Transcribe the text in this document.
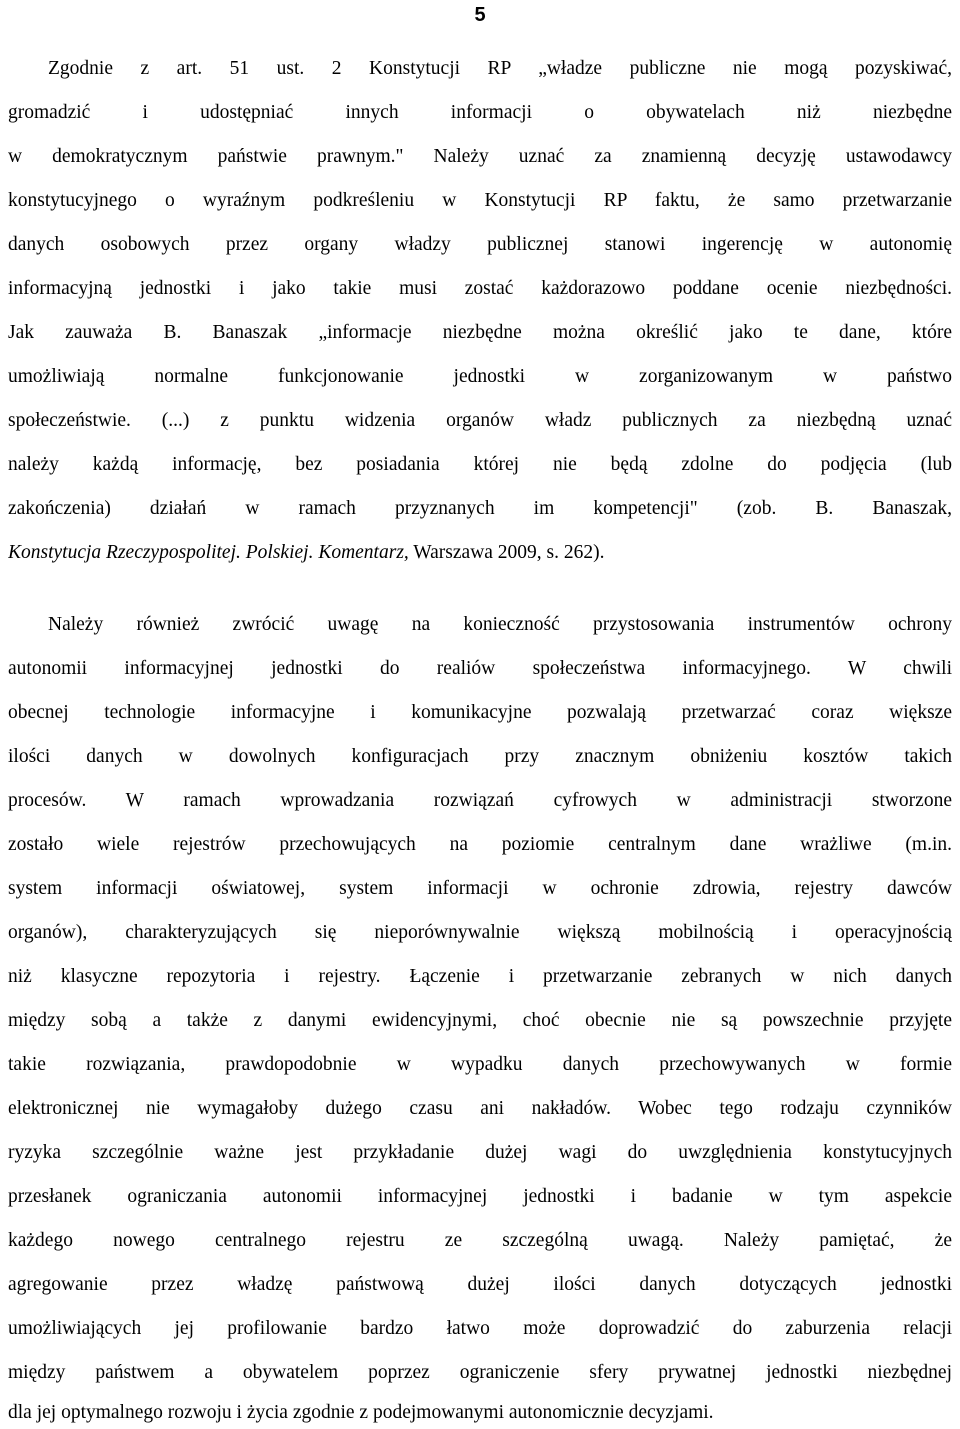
5
Zgodnie z art. 51 ust. 2 Konstytucji RP „władze publiczne nie mogą pozyskiwać,
gromadzić i udostępniać innych informacji o obywatelach niż niezbędne
w demokratycznym państwie prawnym." Należy uznać za znamienną decyzję ustawodawcy
konstytucyjnego o wyraźnym podkreśleniu w Konstytucji RP faktu, że samo przetwarzanie
danych osobowych przez organy władzy publicznej stanowi ingerencję w autonomię
informacyjną jednostki i jako takie musi zostać każdorazowo poddane ocenie niezbędności.
Jak zauważa B. Banaszak „informacje niezbędne można określić jako te dane, które
umożliwiają normalne funkcjonowanie jednostki w zorganizowanym w państwo
społeczeństwie. (...) z punktu widzenia organów władz publicznych za niezbędną uznać
należy każdą informację, bez posiadania której nie będą zdolne do podjęcia (lub
zakończenia) działań w ramach przyznanych im kompetencji" (zob. B. Banaszak,
Konstytucja Rzeczypospolitej. Polskiej. Komentarz, Warszawa 2009, s. 262).
Należy również zwrócić uwagę na konieczność przystosowania instrumentów ochrony
autonomii informacyjnej jednostki do realiów społeczeństwa informacyjnego. W chwili
obecnej technologie informacyjne i komunikacyjne pozwalają przetwarzać coraz większe
ilości danych w dowolnych konfiguracjach przy znacznym obniżeniu kosztów takich
procesów. W ramach wprowadzania rozwiązań cyfrowych w administracji stworzone
zostało wiele rejestrów przechowujących na poziomie centralnym dane wrażliwe (m.in.
system informacji oświatowej, system informacji w ochronie zdrowia, rejestry dawców
organów), charakteryzujących się nieporównywalnie większą mobilnością i operacyjnością
niż klasyczne repozytoria i rejestry. Łączenie i przetwarzanie zebranych w nich danych
między sobą a także z danymi ewidencyjnymi, choć obecnie nie są powszechnie przyjęte
takie rozwiązania, prawdopodobnie w wypadku danych przechowywanych w formie
elektronicznej nie wymagałoby dużego czasu ani nakładów. Wobec tego rodzaju czynników
ryzyka szczególnie ważne jest przykładanie dużej wagi do uwzględnienia konstytucyjnych
przesłanek ograniczania autonomii informacyjnej jednostki i badanie w tym aspekcie
każdego nowego centralnego rejestru ze szczególną uwagą. Należy pamiętać, że
agregowanie przez władzę państwową dużej ilości danych dotyczących jednostki
umożliwiających jej profilowanie bardzo łatwo może doprowadzić do zaburzenia relacji
między państwem a obywatelem poprzez ograniczenie sfery prywatnej jednostki niezbędnej
dla jej optymalnego rozwoju i życia zgodnie z podejmowanymi autonomicznie decyzjami.
